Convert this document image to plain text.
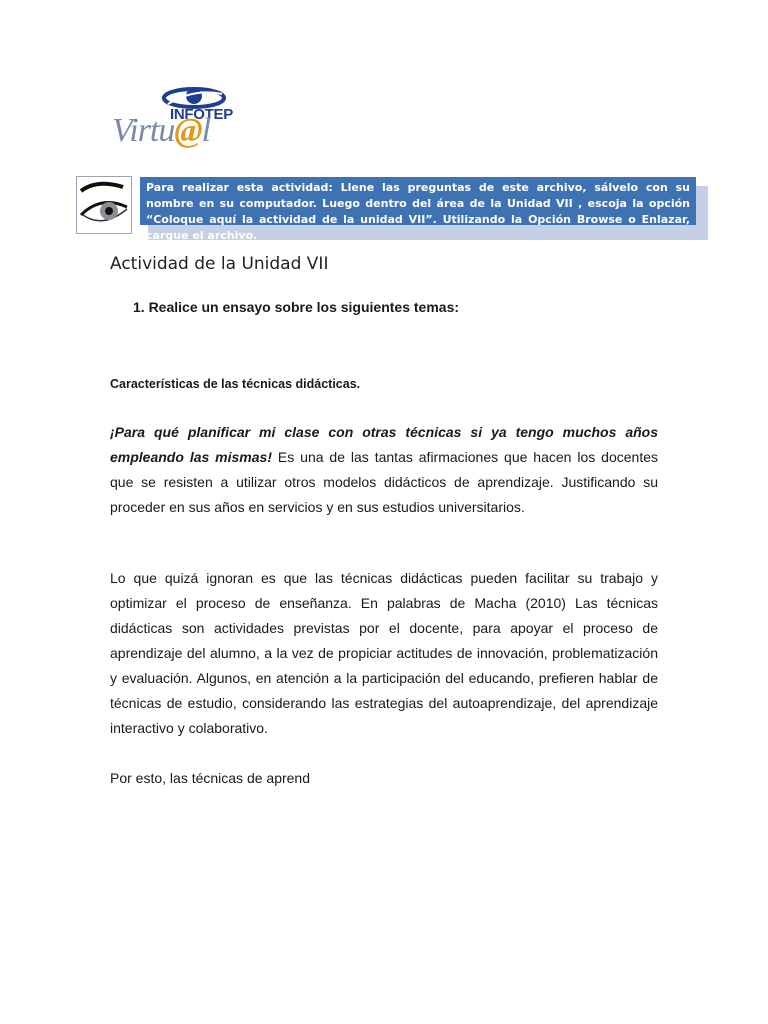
INFOTEP
Virtu@l
Para realizar esta actividad: Llene las preguntas de este archivo, sálvelo con su nombre en su computador. Luego dentro del área de la Unidad VII , escoja la opción “Coloque aquí la actividad de la unidad VII”. Utilizando la Opción Browse o Enlazar, cargue el archivo.
Actividad de la Unidad VII
1. Realice un ensayo sobre los siguientes temas:
Características de las técnicas didácticas.
¡Para qué planificar mi clase con otras técnicas si ya tengo muchos años empleando las mismas! Es una de las tantas afirmaciones que hacen los docentes que se resisten a utilizar otros modelos didácticos de aprendizaje. Justificando su proceder en sus años en servicios y en sus estudios universitarios.
Lo que quizá ignoran es que las técnicas didácticas pueden facilitar su trabajo y optimizar el proceso de enseñanza. En palabras de Macha (2010) Las técnicas didácticas son actividades previstas por el docente, para apoyar el proceso de aprendizaje del alumno, a la vez de propiciar actitudes de innovación, problematización y evaluación. Algunos, en atención a la participación del educando, prefieren hablar de técnicas de estudio, considerando las estrategias del autoaprendizaje, del aprendizaje interactivo y colaborativo.
Por esto, las técnicas de aprend
